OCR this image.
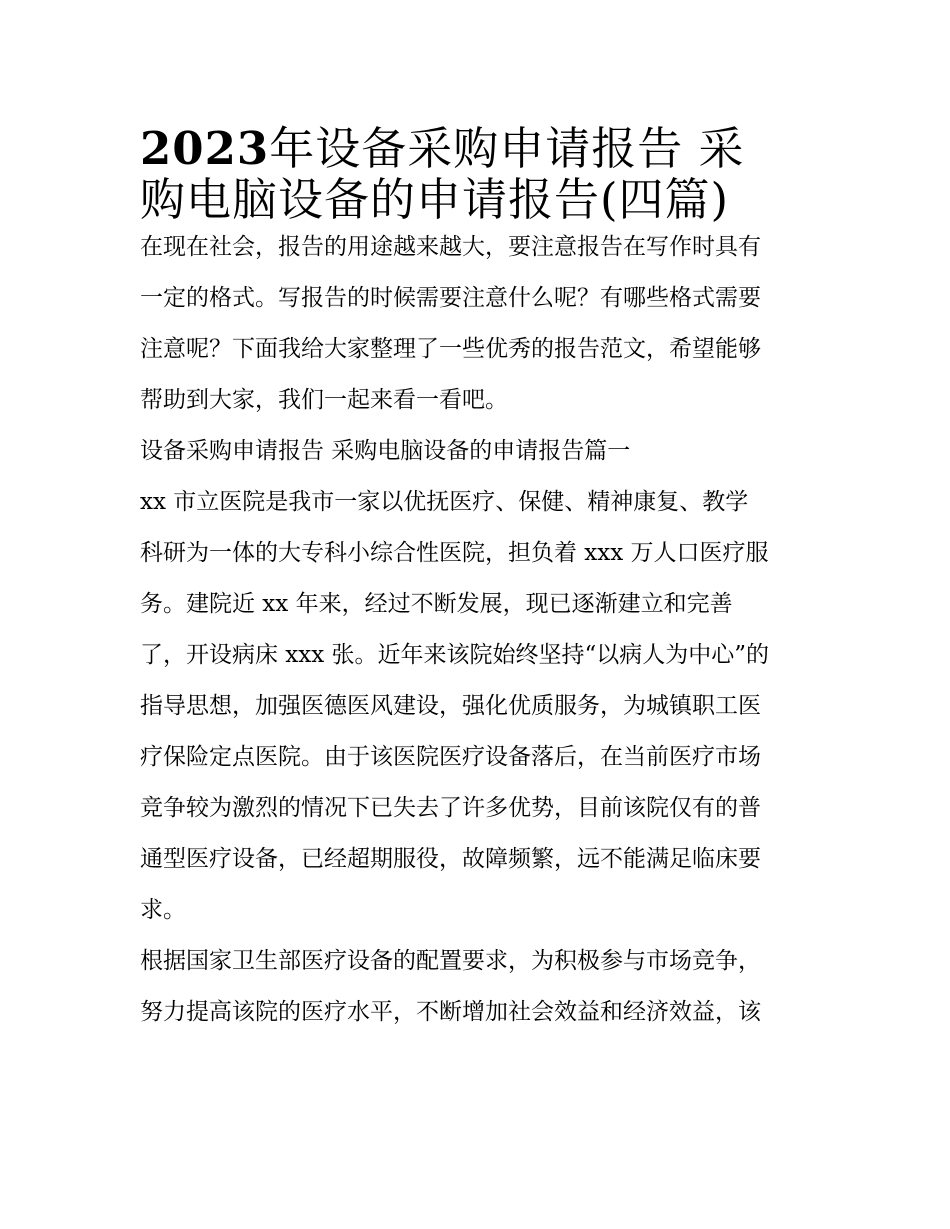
2023年设备采购申请报告 采
购电脑设备的申请报告(四篇)
在现在社会，报告的用途越来越大，要注意报告在写作时具有
一定的格式。写报告的时候需要注意什么呢？有哪些格式需要
注意呢？下面我给大家整理了一些优秀的报告范文，希望能够
帮助到大家，我们一起来看一看吧。
设备采购申请报告 采购电脑设备的申请报告篇一
xx 市立医院是我市一家以优抚医疗、保健、精神康复、教学
科研为一体的大专科小综合性医院，担负着 xxx 万人口医疗服
务。建院近 xx 年来，经过不断发展，现已逐渐建立和完善
了，开设病床 xxx 张。近年来该院始终坚持“以病人为中心”的
指导思想，加强医德医风建设，强化优质服务，为城镇职工医
疗保险定点医院。由于该医院医疗设备落后，在当前医疗市场
竞争较为激烈的情况下已失去了许多优势，目前该院仅有的普
通型医疗设备，已经超期服役，故障频繁，远不能满足临床要
求。
根据国家卫生部医疗设备的配置要求，为积极参与市场竞争，
努力提高该院的医疗水平，不断增加社会效益和经济效益，该
